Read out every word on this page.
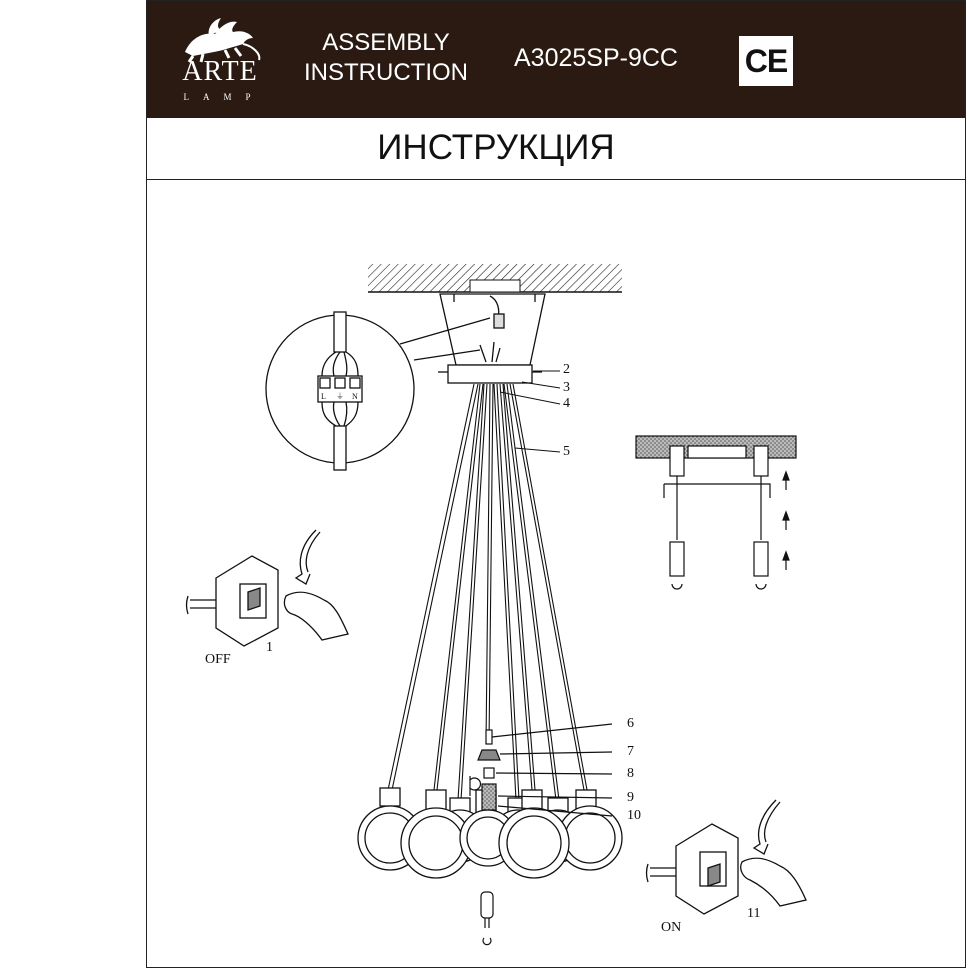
ARTE
LAMP
ASSEMBLY
INSTRUCTION
A3025SP-9CC	CE
ИНСТРУКЦИЯ
L ⏚ N
2
3
4
5
6
7
8
9
10
OFF
1
ON
11
